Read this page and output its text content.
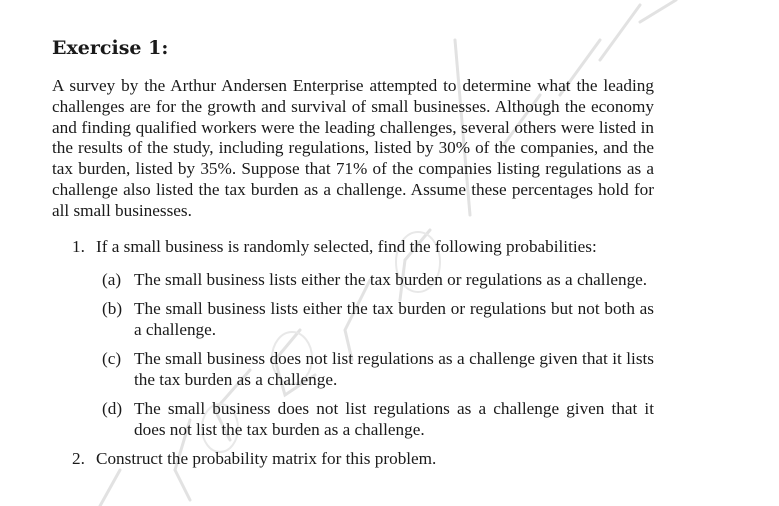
Exercise 1:

A survey by the Arthur Andersen Enterprise attempted to determine what the leading challenges are for the growth and survival of small businesses. Although the economy and finding qualified workers were the leading challenges, several others were listed in the results of the study, including regulations, listed by 30% of the companies, and the tax burden, listed by 35%. Suppose that 71% of the companies listing regulations as a challenge also listed the tax burden as a challenge. Assume these percentages hold for all small businesses.

1. If a small business is randomly selected, find the following probabilities:
(a) The small business lists either the tax burden or regulations as a challenge.
(b) The small business lists either the tax burden or regulations but not both as a challenge.
(c) The small business does not list regulations as a challenge given that it lists the tax burden as a challenge.
(d) The small business does not list regulations as a challenge given that it does not list the tax burden as a challenge.
2. Construct the probability matrix for this problem.
